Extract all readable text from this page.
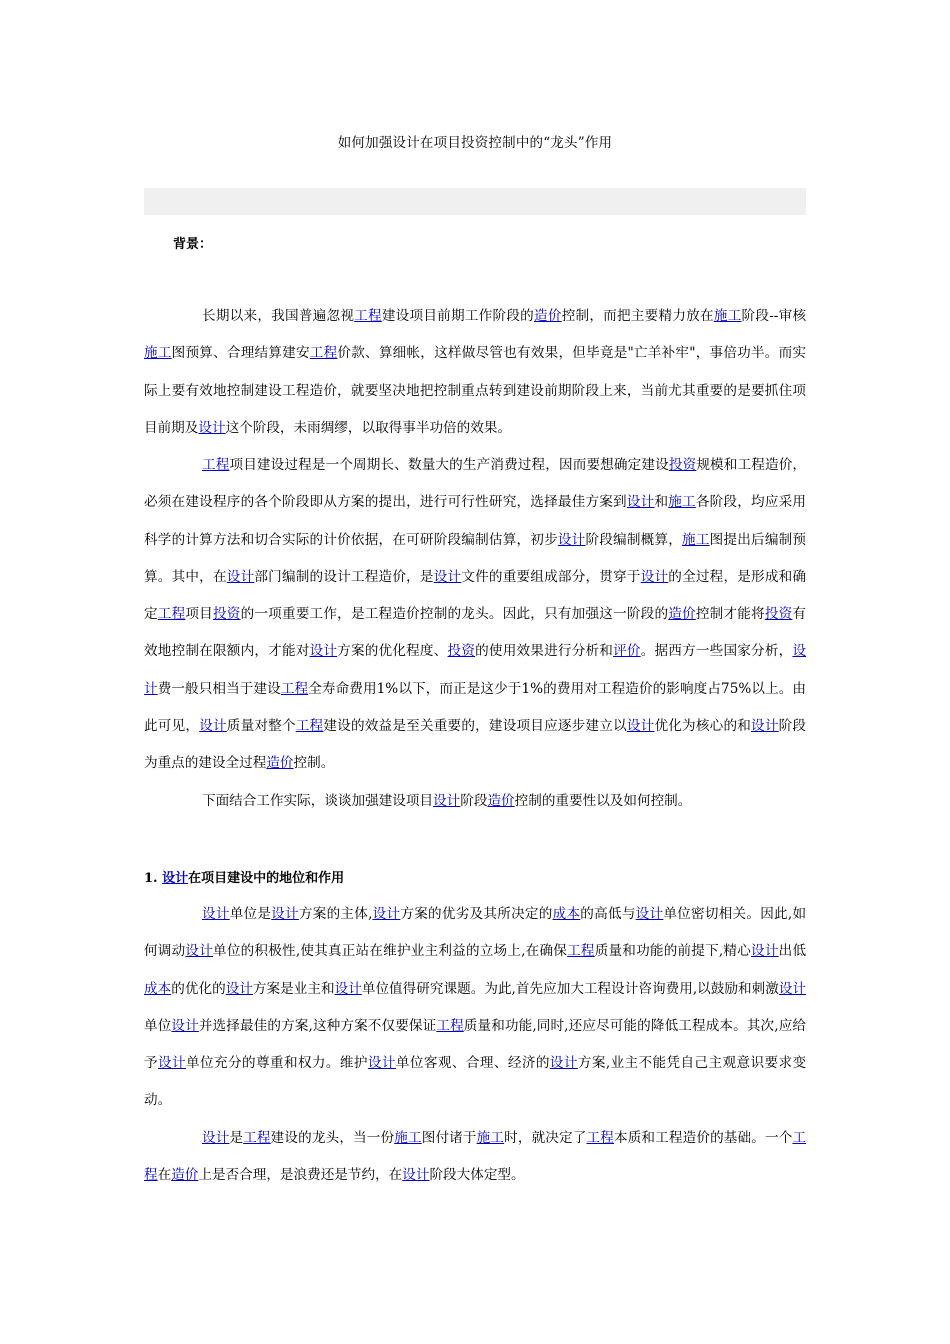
如何加强设计在项目投资控制中的“龙头”作用
背景：

长期以来，我国普遍忽视工程建设项目前期工作阶段的造价控制，而把主要精力放在施工阶段--审核施工图预算、合理结算建安工程价款、算细帐，这样做尽管也有效果，但毕竟是"亡羊补牢"，事倍功半。而实际上要有效地控制建设工程造价，就要坚决地把控制重点转到建设前期阶段上来，当前尤其重要的是要抓住项目前期及设计这个阶段，未雨绸缪，以取得事半功倍的效果。

工程项目建设过程是一个周期长、数量大的生产消费过程，因而要想确定建设投资规模和工程造价，必须在建设程序的各个阶段即从方案的提出，进行可行性研究，选择最佳方案到设计和施工各阶段，均应采用科学的计算方法和切合实际的计价依据，在可研阶段编制估算，初步设计阶段编制概算，施工图提出后编制预算。其中，在设计部门编制的设计工程造价，是设计文件的重要组成部分，贯穿于设计的全过程，是形成和确定工程项目投资的一项重要工作，是工程造价控制的龙头。因此，只有加强这一阶段的造价控制才能将投资有效地控制在限额内，才能对设计方案的优化程度、投资的使用效果进行分析和评价。据西方一些国家分析，设计费一般只相当于建设工程全寿命费用1%以下，而正是这少于1%的费用对工程造价的影响度占75%以上。由此可见，设计质量对整个工程建设的效益是至关重要的，建设项目应逐步建立以设计优化为核心的和设计阶段为重点的建设全过程造价控制。

下面结合工作实际，谈谈加强建设项目设计阶段造价控制的重要性以及如何控制。

1. 设计在项目建设中的地位和作用

设计单位是设计方案的主体,设计方案的优劣及其所决定的成本的高低与设计单位密切相关。因此,如何调动设计单位的积极性,使其真正站在维护业主利益的立场上,在确保工程质量和功能的前提下,精心设计出低成本的优化的设计方案是业主和设计单位值得研究课题。为此,首先应加大工程设计咨询费用,以鼓励和刺激设计单位设计并选择最佳的方案,这种方案不仅要保证工程质量和功能,同时,还应尽可能的降低工程成本。其次,应给予设计单位充分的尊重和权力。维护设计单位客观、合理、经济的设计方案,业主不能凭自己主观意识要求变动。

设计是工程建设的龙头，当一份施工图付诸于施工时，就决定了工程本质和工程造价的基础。一个工程在造价上是否合理，是浪费还是节约，在设计阶段大体定型。
